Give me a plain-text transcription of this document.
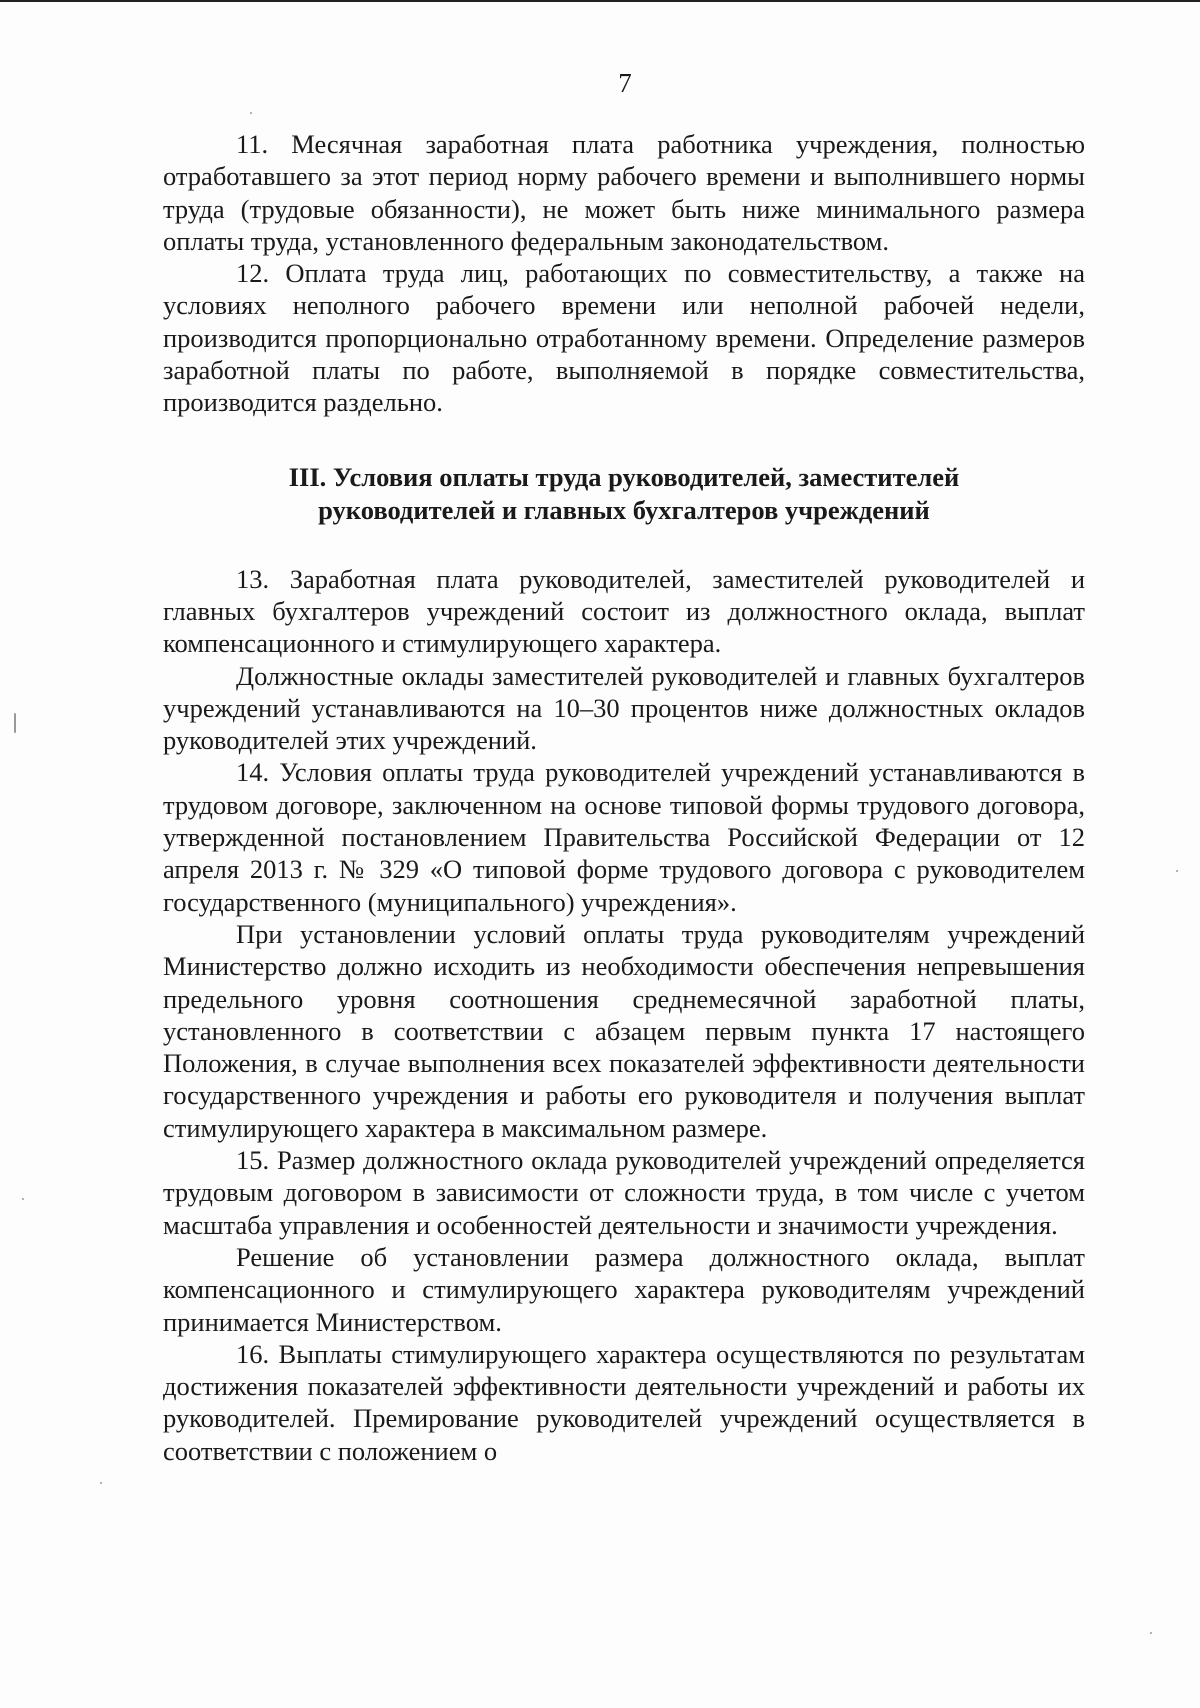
7

11. Месячная заработная плата работника учреждения, полностью отработавшего за этот период норму рабочего времени и выполнившего нормы труда (трудовые обязанности), не может быть ниже минимального размера оплаты труда, установленного федеральным законодательством.

12. Оплата труда лиц, работающих по совместительству, а также на условиях неполного рабочего времени или неполной рабочей недели, производится пропорционально отработанному времени. Определение размеров заработной платы по работе, выполняемой в порядке совместительства, производится раздельно.

III. Условия оплаты труда руководителей, заместителей
руководителей и главных бухгалтеров учреждений

13. Заработная плата руководителей, заместителей руководителей и главных бухгалтеров учреждений состоит из должностного оклада, выплат компенсационного и стимулирующего характера.

Должностные оклады заместителей руководителей и главных бухгалтеров учреждений устанавливаются на 10–30 процентов ниже должностных окладов руководителей этих учреждений.

14. Условия оплаты труда руководителей учреждений устанавливаются в трудовом договоре, заключенном на основе типовой формы трудового договора, утвержденной постановлением Правительства Российской Федерации от 12 апреля 2013 г. № 329 «О типовой форме трудового договора с руководителем государственного (муниципального) учреждения».

При установлении условий оплаты труда руководителям учреждений Министерство должно исходить из необходимости обеспечения непревышения предельного уровня соотношения среднемесячной заработной платы, установленного в соответствии с абзацем первым пункта 17 настоящего Положения, в случае выполнения всех показателей эффективности деятельности государственного учреждения и работы его руководителя и получения выплат стимулирующего характера в максимальном размере.

15. Размер должностного оклада руководителей учреждений определяется трудовым договором в зависимости от сложности труда, в том числе с учетом масштаба управления и особенностей деятельности и значимости учреждения.

Решение об установлении размера должностного оклада, выплат компенсационного и стимулирующего характера руководителям учреждений принимается Министерством.

16. Выплаты стимулирующего характера осуществляются по результатам достижения показателей эффективности деятельности учреждений и работы их руководителей. Премирование руководителей учреждений осуществляется в соответствии с положением о
